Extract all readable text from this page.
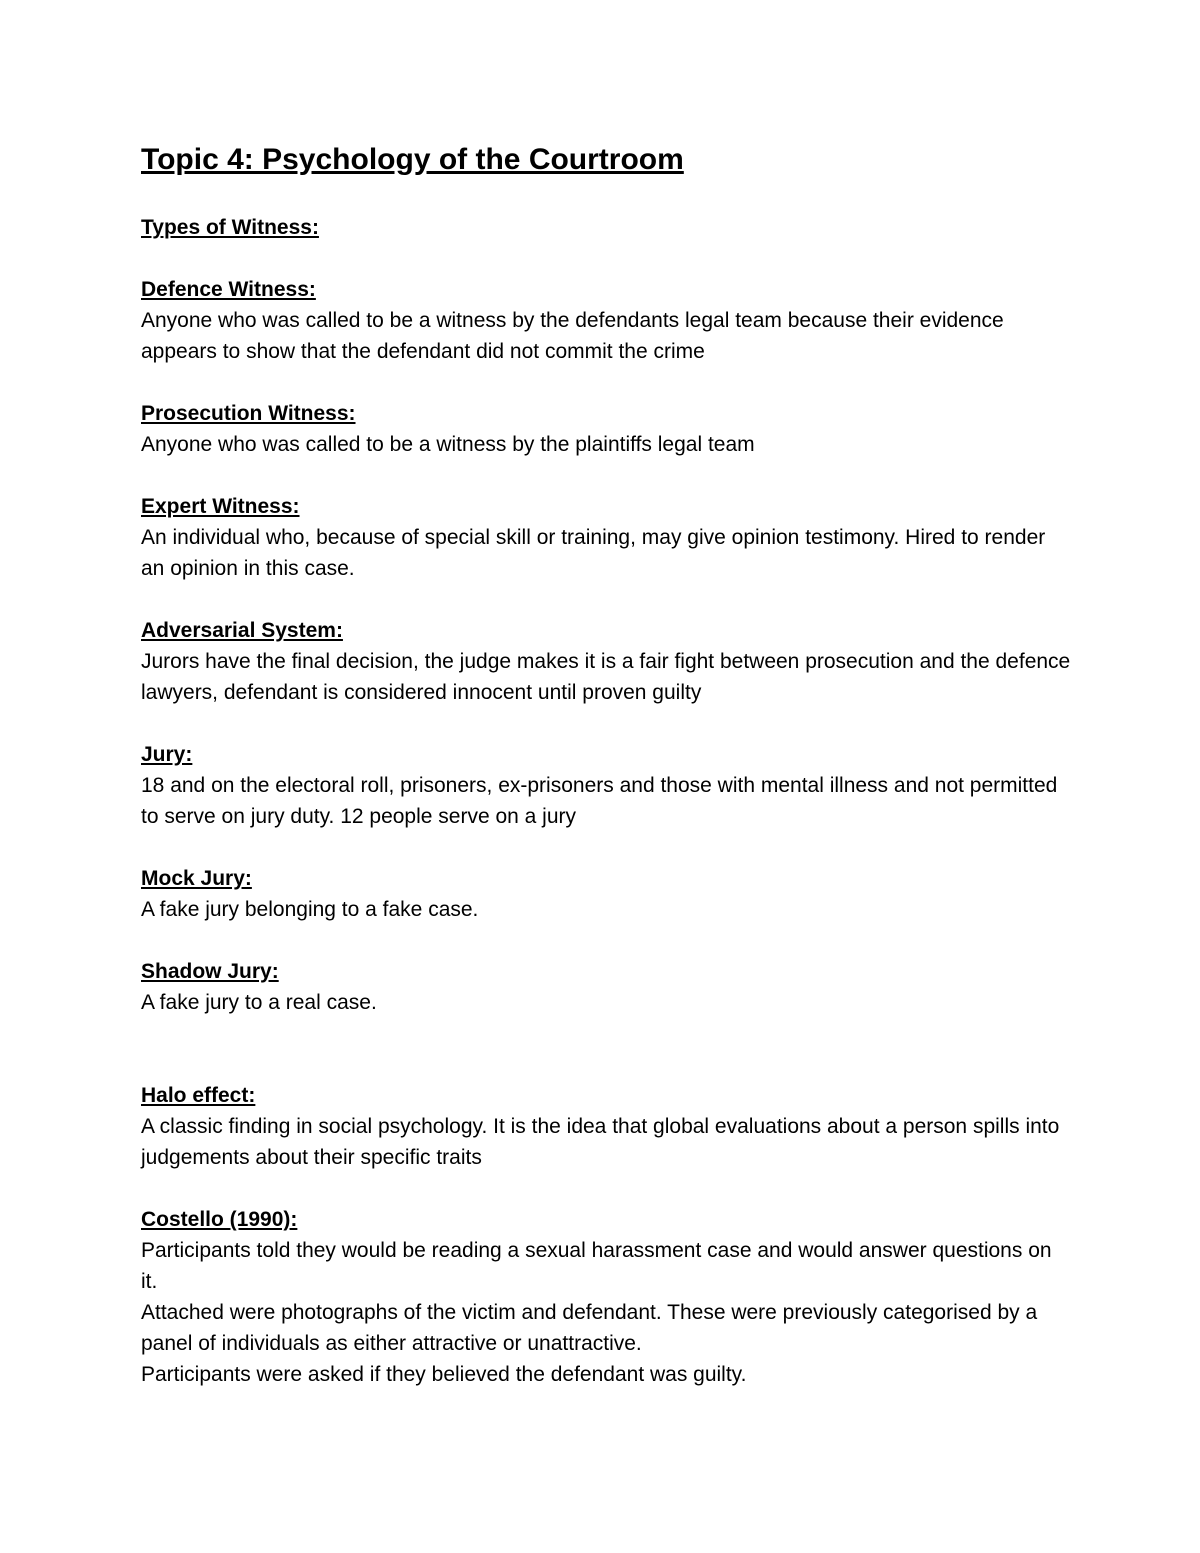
Topic 4: Psychology of the Courtroom
Types of Witness:
Defence Witness:

Anyone who was called to be a witness by the defendants legal team because their evidence appears to show that the defendant did not commit the crime

Prosecution Witness:

Anyone who was called to be a witness by the plaintiffs legal team

Expert Witness:

An individual who, because of special skill or training, may give opinion testimony. Hired to render an opinion in this case.

Adversarial System:

Jurors have the final decision, the judge makes it is a fair fight between prosecution and the defence lawyers, defendant is considered innocent until proven guilty

Jury:

18 and on the electoral roll, prisoners, ex-prisoners and those with mental illness and not permitted to serve on jury duty. 12 people serve on a jury

Mock Jury:

A fake jury belonging to a fake case.

Shadow Jury:

A fake jury to a real case.

Halo effect:

A classic finding in social psychology. It is the idea that global evaluations about a person spills into judgements about their specific traits

Costello (1990):

Participants told they would be reading a sexual harassment case and would answer questions on it.

Attached were photographs of the victim and defendant. These were previously categorised by a panel of individuals as either attractive or unattractive.

Participants were asked if they believed the defendant was guilty.
